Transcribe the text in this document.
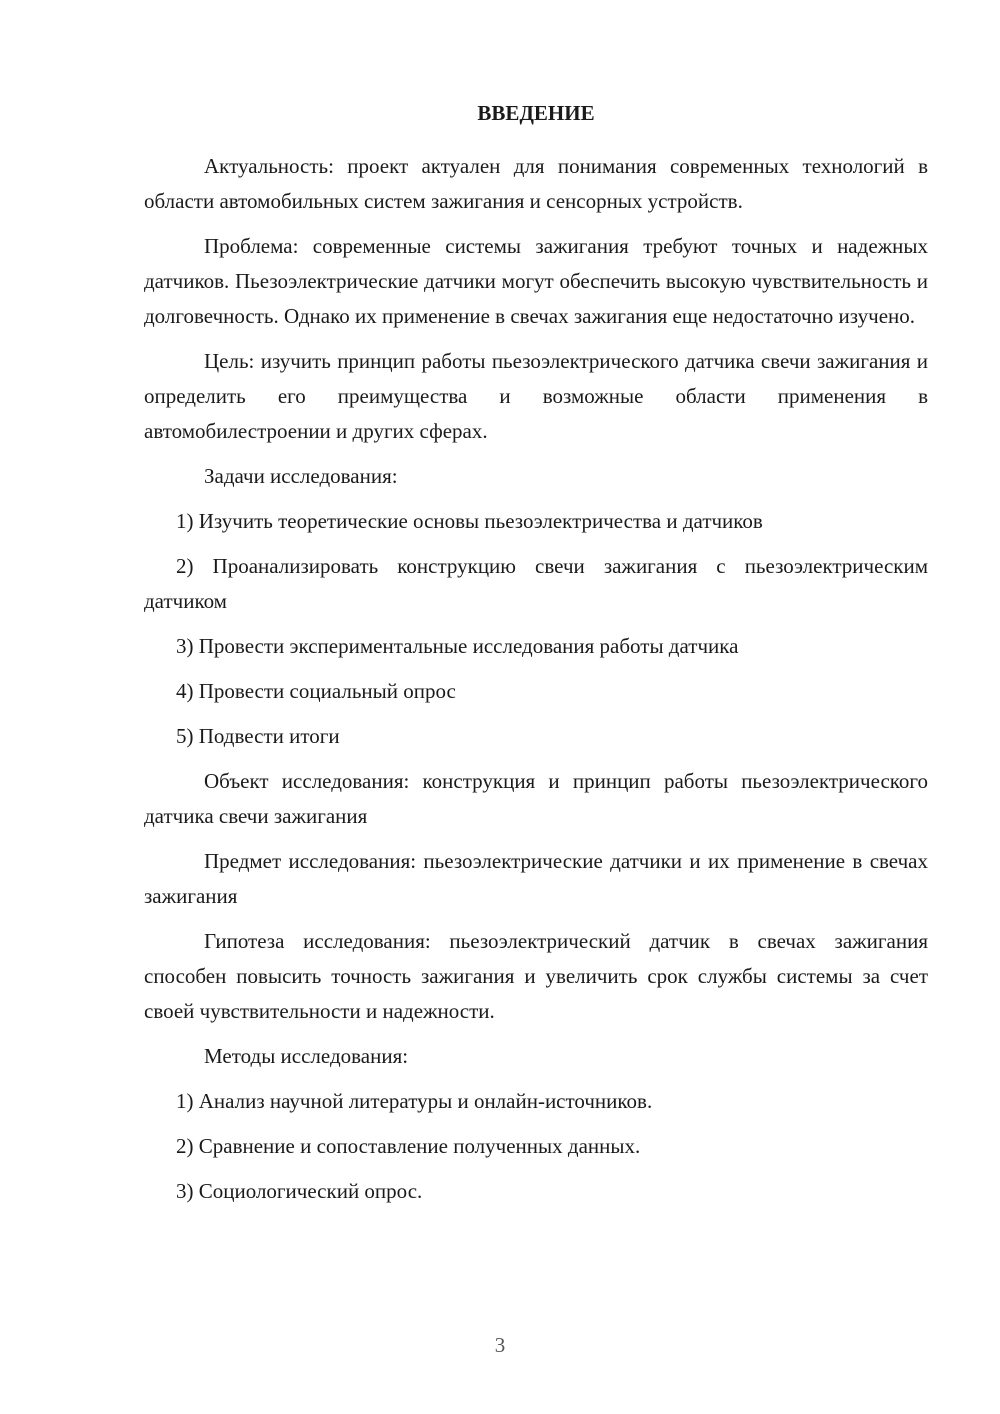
ВВЕДЕНИЕ

Актуальность: проект актуален для понимания современных технологий в области автомобильных систем зажигания и сенсорных устройств.

Проблема: современные системы зажигания требуют точных и надежных датчиков. Пьезоэлектрические датчики могут обеспечить высокую чувствительность и долговечность. Однако их применение в свечах зажигания еще недостаточно изучено.

Цель: изучить принцип работы пьезоэлектрического датчика свечи зажигания и определить его преимущества и возможные области применения в автомобилестроении и других сферах.

Задачи исследования:

1) Изучить теоретические основы пьезоэлектричества и датчиков

2) Проанализировать конструкцию свечи зажигания с пьезоэлектрическим датчиком

3) Провести экспериментальные исследования работы датчика

4) Провести социальный опрос

5) Подвести итоги

Объект исследования: конструкция и принцип работы пьезоэлектрического датчика свечи зажигания

Предмет исследования: пьезоэлектрические датчики и их применение в свечах зажигания

Гипотеза исследования: пьезоэлектрический датчик в свечах зажигания способен повысить точность зажигания и увеличить срок службы системы за счет своей чувствительности и надежности.

Методы исследования:

1) Анализ научной литературы и онлайн-источников.

2) Сравнение и сопоставление полученных данных.

3) Социологический опрос.

3
